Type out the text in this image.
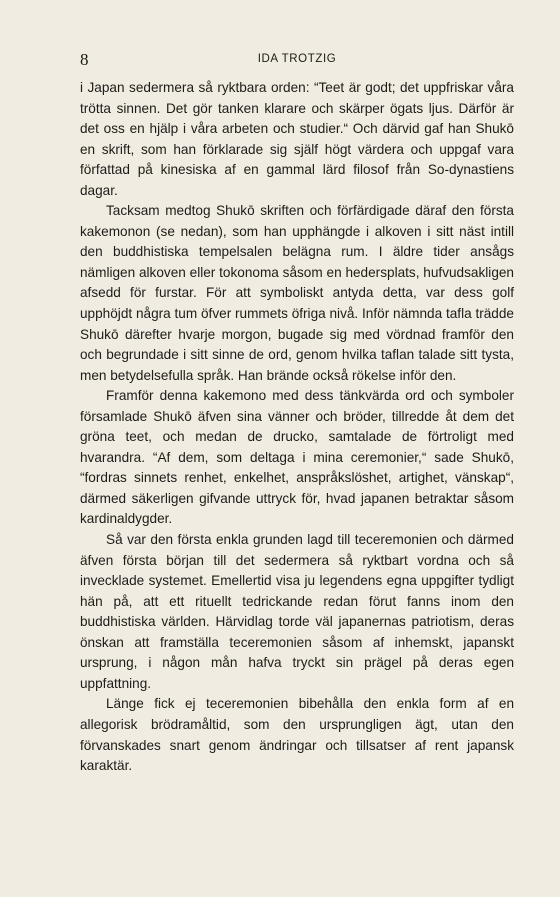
8	IDA TROTZIG

i Japan sedermera så ryktbara orden: “Teet är godt; det uppfriskar våra trötta sinnen. Det gör tanken klarare och skärper ögats ljus. Därför är det oss en hjälp i våra arbeten och studier.“ Och därvid gaf han Shukō en skrift, som han förklarade sig själf högt värdera och uppgaf vara författad på kinesiska af en gammal lärd filosof från So-dynastiens dagar.

Tacksam medtog Shukō skriften och förfärdigade däraf den första kakemonon (se nedan), som han upphängde i alkoven i sitt näst intill den buddhistiska tempelsalen belägna rum. I äldre tider ansågs nämligen alkoven eller tokonoma såsom en hedersplats, hufvudsakligen afsedd för furstar. För att symboliskt antyda detta, var dess golf upphöjdt några tum öfver rummets öfriga nivå. Inför nämnda tafla trädde Shukō därefter hvarje morgon, bugade sig med vördnad framför den och begrundade i sitt sinne de ord, genom hvilka taflan talade sitt tysta, men betydelsefulla språk. Han brände också rökelse inför den.

Framför denna kakemono med dess tänkvärda ord och symboler församlade Shukō äfven sina vänner och bröder, tillredde åt dem det gröna teet, och medan de drucko, samtalade de förtroligt med hvarandra. “Af dem, som deltaga i mina ceremonier,“ sade Shukō, “fordras sinnets renhet, enkelhet, anspråkslöshet, artighet, vänskap“, därmed säkerligen gifvande uttryck för, hvad japanen betraktar såsom kardinaldygder.

Så var den första enkla grunden lagd till teceremonien och därmed äfven första början till det sedermera så ryktbart vordna och så invecklade systemet. Emellertid visa ju legendens egna uppgifter tydligt hän på, att ett rituellt tedrickande redan förut fanns inom den buddhistiska världen. Härvidlag torde väl japanernas patriotism, deras önskan att framställa teceremonien såsom af inhemskt, japanskt ursprung, i någon mån hafva tryckt sin prägel på deras egen uppfattning.

Länge fick ej teceremonien bibehålla den enkla form af en allegorisk brödramåltid, som den ursprungligen ägt, utan den förvanskades snart genom ändringar och tillsatser af rent japansk karaktär.
